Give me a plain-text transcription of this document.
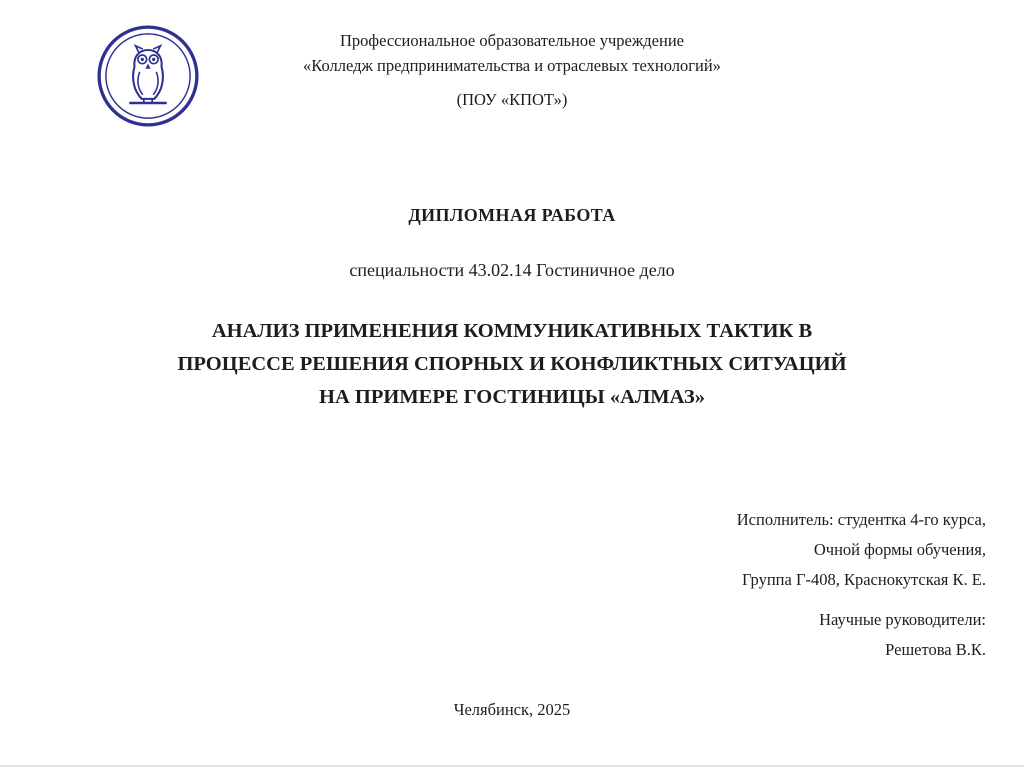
Профессиональное образовательное учреждение
«Колледж предпринимательства и отраслевых технологий»
(ПОУ «КПОТ»)
ДИПЛОМНАЯ РАБОТА
специальности 43.02.14 Гостиничное дело
АНАЛИЗ ПРИМЕНЕНИЯ КОММУНИКАТИВНЫХ ТАКТИК В
ПРОЦЕССЕ РЕШЕНИЯ СПОРНЫХ И КОНФЛИКТНЫХ СИТУАЦИЙ
НА ПРИМЕРЕ ГОСТИНИЦЫ «АЛМАЗ»
Исполнитель: студентка 4-го курса,
Очной формы обучения,
Группа Г-408, Краснокутская К. Е.
Научные руководители:
Решетова В.К.
Челябинск, 2025
